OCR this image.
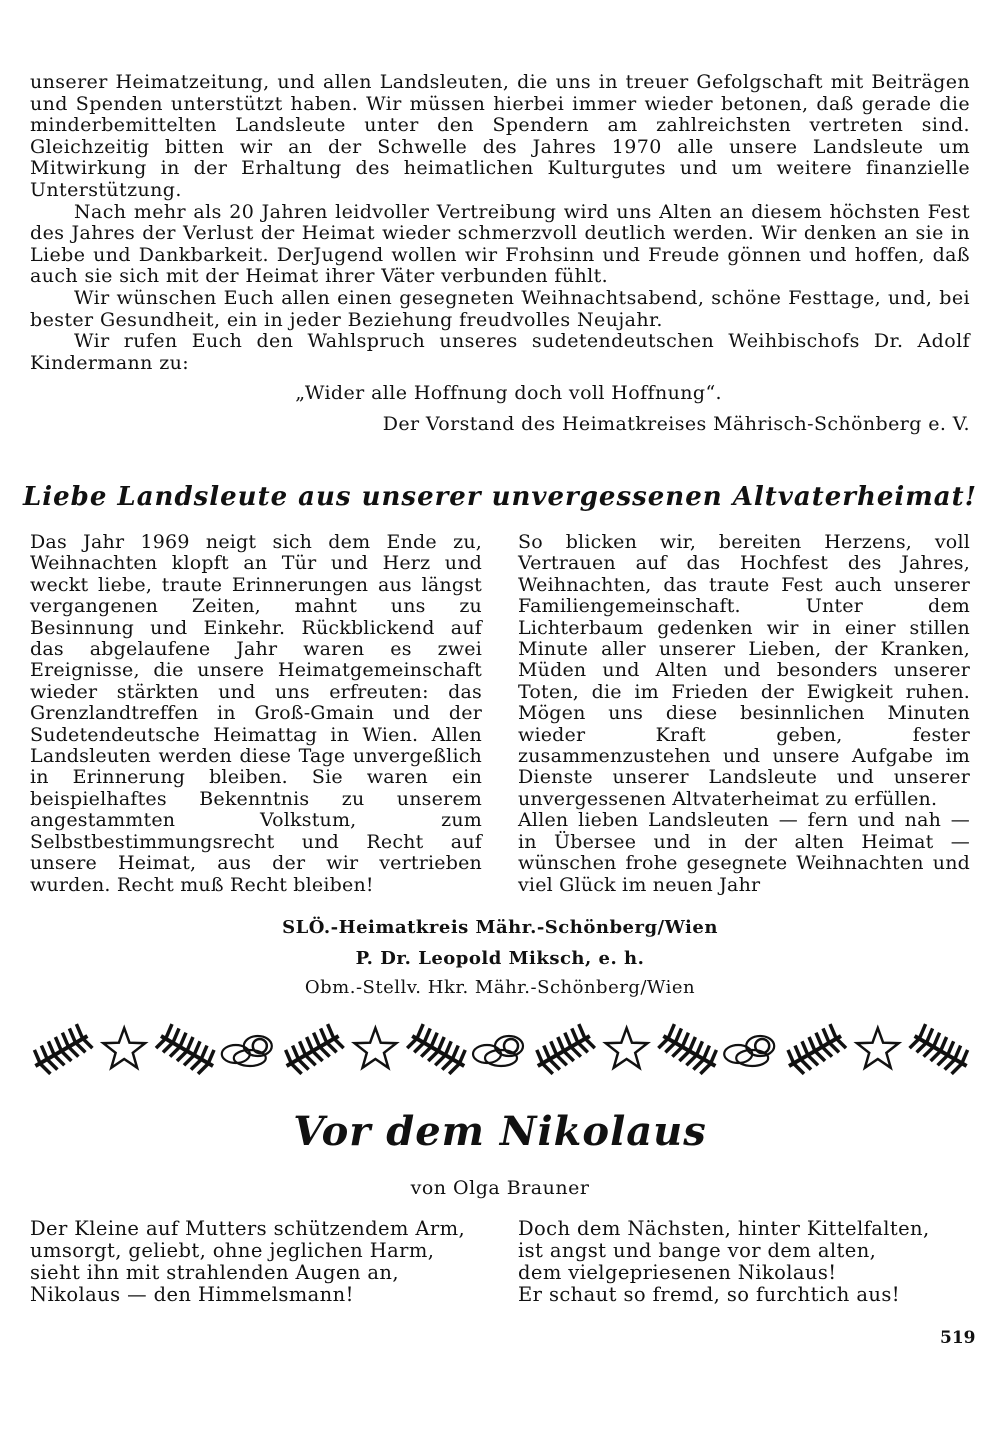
unserer Heimatzeitung, und allen Landsleuten, die uns in treuer Gefolgschaft mit Beiträgen und Spenden unterstützt haben. Wir müssen hierbei immer wieder betonen, daß gerade die minderbemittelten Landsleute unter den Spendern am zahlreichsten vertreten sind. Gleichzeitig bitten wir an der Schwelle des Jahres 1970 alle unsere Landsleute um Mitwirkung in der Erhaltung des heimatlichen Kulturgutes und um weitere finanzielle Unterstützung.

Nach mehr als 20 Jahren leidvoller Vertreibung wird uns Alten an diesem höchsten Fest des Jahres der Verlust der Heimat wieder schmerzvoll deutlich werden. Wir denken an sie in Liebe und Dankbarkeit. DerJugend wollen wir Frohsinn und Freude gönnen und hoffen, daß auch sie sich mit der Heimat ihrer Väter verbunden fühlt.

Wir wünschen Euch allen einen gesegneten Weihnachtsabend, schöne Festtage, und, bei bester Gesundheit, ein in jeder Beziehung freudvolles Neujahr.

Wir rufen Euch den Wahlspruch unseres sudetendeutschen Weihbischofs Dr. Adolf Kindermann zu:

„Wider alle Hoffnung doch voll Hoffnung“.
Der Vorstand des Heimatkreises Mährisch-Schönberg e. V.
Liebe Landsleute aus unserer unvergessenen Altvaterheimat!

Das Jahr 1969 neigt sich dem Ende zu, Weihnachten klopft an Tür und Herz und weckt liebe, traute Erinnerungen aus längst vergangenen Zeiten, mahnt uns zu Besinnung und Einkehr. Rückblickend auf das abgelaufene Jahr waren es zwei Ereignisse, die unsere Heimatgemeinschaft wieder stärkten und uns erfreuten: das Grenzlandtreffen in Groß-Gmain und der Sudetendeutsche Heimattag in Wien. Allen Landsleuten werden diese Tage unvergeßlich in Erinnerung bleiben. Sie waren ein beispielhaftes Bekenntnis zu unserem angestammten Volkstum, zum Selbstbestimmungsrecht und Recht auf unsere Heimat, aus der wir vertrieben wurden. Recht muß Recht bleiben!

So blicken wir, bereiten Herzens, voll Vertrauen auf das Hochfest des Jahres, Weihnachten, das traute Fest auch unserer Familiengemeinschaft. Unter dem Lichterbaum gedenken wir in einer stillen Minute aller unserer Lieben, der Kranken, Müden und Alten und besonders unserer Toten, die im Frieden der Ewigkeit ruhen. Mögen uns diese besinnlichen Minuten wieder Kraft geben, fester zusammenzustehen und unsere Aufgabe im Dienste unserer Landsleute und unserer unvergessenen Altvaterheimat zu erfüllen.

Allen lieben Landsleuten — fern und nah — in Übersee und in der alten Heimat — wünschen frohe gesegnete Weihnachten und viel Glück im neuen Jahr

SLÖ.-Heimatkreis Mähr.-Schönberg/Wien
P. Dr. Leopold Miksch, e. h.
Obm.-Stellv. Hkr. Mähr.-Schönberg/Wien
Vor dem Nikolaus
von Olga Brauner
Der Kleine auf Mutters schützendem Arm,
umsorgt, geliebt, ohne jeglichen Harm,
sieht ihn mit strahlenden Augen an,
Nikolaus — den Himmelsmann!
Doch dem Nächsten, hinter Kittelfalten,
ist angst und bange vor dem alten,
dem vielgepriesenen Nikolaus!
Er schaut so fremd, so furchtich aus!
519
